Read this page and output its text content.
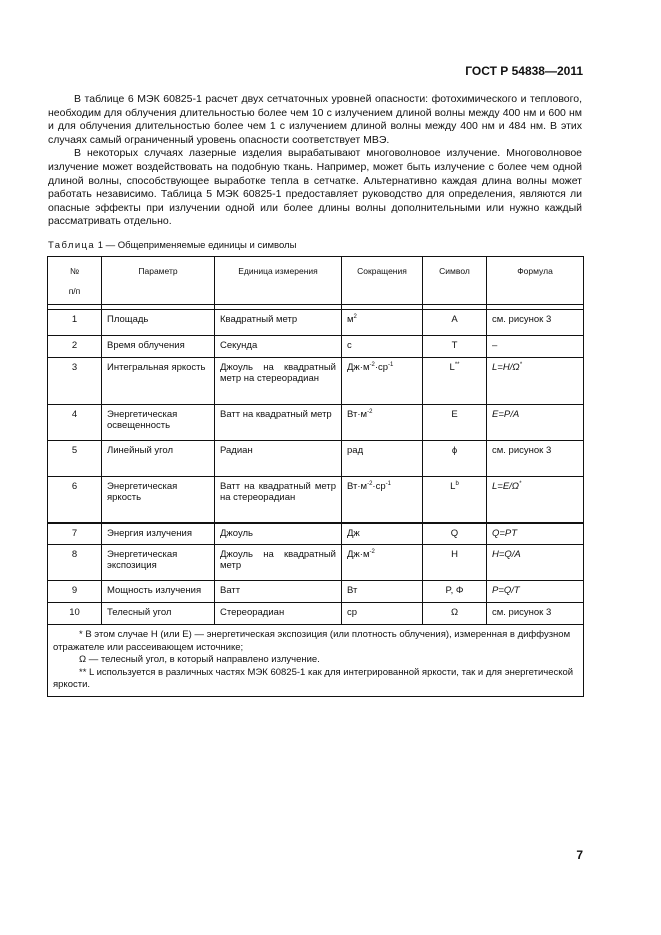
ГОСТ Р 54838—2011

В таблице 6 МЭК 60825-1 расчет двух сетчаточных уровней опасности: фотохимического и теплового, необходим для облучения длительностью более чем 10 с излучением длиной волны между 400 нм и 600 нм и для облучения длительностью более чем 1 с излучением длиной волны между 400 нм и 484 нм. В этих случаях самый ограниченный уровень опасности соответствует МВЭ.

В некоторых случаях лазерные изделия вырабатывают многоволновое излучение. Многоволновое излучение может воздействовать на подобную ткань. Например, может быть излучение с более чем одной длиной волны, способствующее выработке тепла в сетчатке. Альтернативно каждая длина волны может работать независимо. Таблица 5 МЭК 60825-1 предоставляет руководство для определения, являются ли опасные эффекты при излучении одной или более длины волны дополнительными или нужно каждый рассматривать отдельно.

Таблица 1 — Общеприменяемые единицы и символы
№

п/п	Параметр	Единица измерения	Сокращения	Символ	Формула

1	Площадь	Квадратный метр	$м^2$	A	см. рисунок 3
2	Время облучения	Секунда	с	T	–
3	Интегральная яркость	Джоуль на квадратный метр на стереорадиан	$Дж\cdot м^{-2}\cdot ср^{-1}$	L**	L=H/Ω*
4	Энергетическая освещенность	Ватт на квадратный метр	$Вт\cdot м^{-2}$	E	E=P/A
5	Линейный угол	Радиан	рад	ϕ	см. рисунок 3
6	Энергетическая яркость	Ватт на квадратный метр на стереорадиан	$Вт\cdot м^{-2}\cdot ср^{-1}$	$L^b$	L=E/Ω*
7	Энергия излучения	Джоуль	Дж	Q	Q=PT
8	Энергетическая экспозиция	Джоуль на квадратный метр	$Дж\cdot м^{-2}$	H	H=Q/A
9	Мощность излучения	Ватт	Вт	P, Φ	P=Q/T
10	Телесный угол	Стереорадиан	ср	Ω	см. рисунок 3

* В этом случае H (или E) — энергетическая экспозиция (или плотность облучения), измеренная в диффузном отражателе или рассеивающем источнике;

Ω — телесный угол, в который направлено излучение.

** L используется в различных частях МЭК 60825-1 как для интегрированной яркости, так и для энергетической яркости.					

7
